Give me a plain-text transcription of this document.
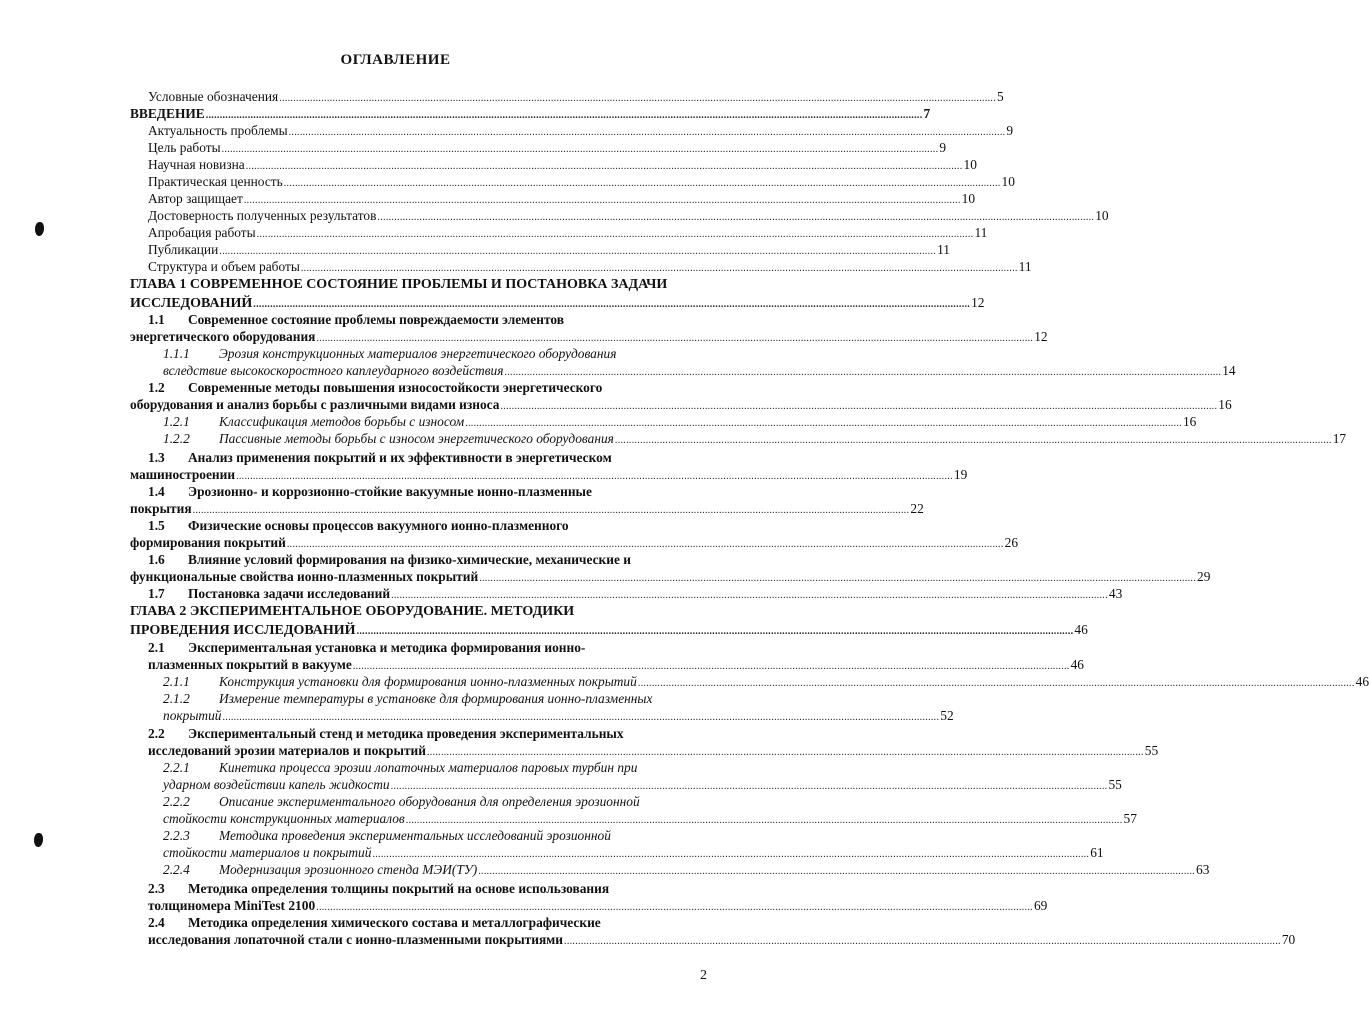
ОГЛАВЛЕНИЕ
Условные обозначения .....	5
ВВЕДЕНИЕ .....	7
Актуальность проблемы .....	9
Цель работы .....	9
Научная новизна .....	10
Практическая ценность .....	10
Автор защищает .....	10
Достоверность полученных результатов .....	10
Апробация работы .....	11
Публикации .....	11
Структура и объем работы .....	11
ГЛАВА 1 СОВРЕМЕННОЕ СОСТОЯНИЕ ПРОБЛЕМЫ И ПОСТАНОВКА ЗАДАЧИ
ИССЛЕДОВАНИЙ .....	12
1.1 Современное состояние проблемы повреждаемости элементов
энергетического оборудования .....	12
1.1.1 Эрозия конструкционных материалов энергетического оборудования
вследствие высокоскоростного каплеударного воздействия .....	14
1.2 Современные методы повышения износостойкости энергетического
оборудования и анализ борьбы с различными видами износа .....	16
1.2.1 Классификация методов борьбы с износом .....	16
1.2.2 Пассивные методы борьбы с износом энергетического оборудования .....	17
1.3 Анализ применения покрытий и их эффективности в энергетическом
машиностроении .....	19
1.4 Эрозионно- и коррозионно-стойкие вакуумные ионно-плазменные
покрытия .....	22
1.5 Физические основы процессов вакуумного ионно-плазменного
формирования покрытий .....	26
1.6 Влияние условий формирования на физико-химические, механические и
функциональные свойства ионно-плазменных покрытий .....	29
1.7 Постановка задачи исследований .....	43
ГЛАВА 2 ЭКСПЕРИМЕНТАЛЬНОЕ ОБОРУДОВАНИЕ. МЕТОДИКИ
ПРОВЕДЕНИЯ ИССЛЕДОВАНИЙ .....	46
2.1 Экспериментальная установка и методика формирования ионно-
плазменных покрытий в вакууме .....	46
2.1.1 Конструкция установки для формирования ионно-плазменных покрытий .....	46
2.1.2 Измерение температуры в установке для формирования ионно-плазменных
покрытий .....	52
2.2 Экспериментальный стенд и методика проведения экспериментальных
исследований эрозии материалов и покрытий .....	55
2.2.1 Кинетика процесса эрозии лопаточных материалов паровых турбин при
ударном воздействии капель жидкости .....	55
2.2.2 Описание экспериментального оборудования для определения эрозионной
стойкости конструкционных материалов .....	57
2.2.3 Методика проведения экспериментальных исследований эрозионной
стойкости материалов и покрытий .....	61
2.2.4 Модернизация эрозионного стенда МЭИ(ТУ) .....	63
2.3 Методика определения толщины покрытий на основе использования
толщиномера MiniTest 2100 .....	69
2.4 Методика определения химического состава и металлографические
исследования лопаточной стали с ионно-плазменными покрытиями .....	70
2
